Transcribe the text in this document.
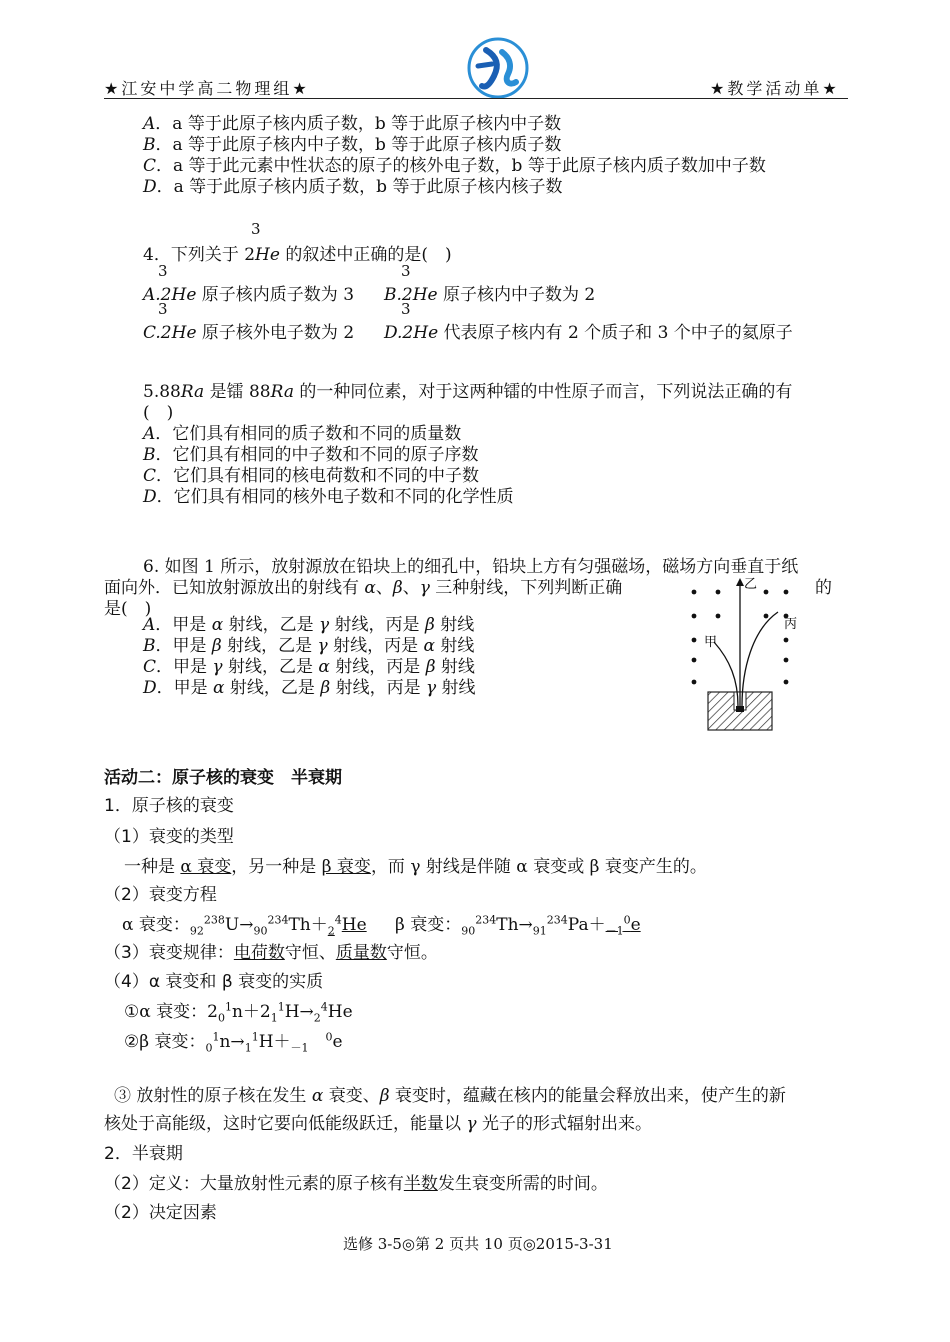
★江安中学高二物理组★	★教学活动单★
A．a 等于此原子核内质子数，b 等于此原子核内中子数
B．a 等于此原子核内中子数，b 等于此原子核内质子数
C．a 等于此元素中性状态的原子的核外电子数，b 等于此原子核内质子数加中子数
D．a 等于此原子核内质子数，b 等于此原子核内核子数
3
4．下列关于 2He 的叙述中正确的是(　)
3	3
A.2He 原子核内质子数为 3 B.2He 原子核内中子数为 2
3	3
C.2He 原子核外电子数为 2 D.2He 代表原子核内有 2 个质子和 3 个中子的氦原子
5.88Ra 是镭 88Ra 的一种同位素，对于这两种镭的中性原子而言，下列说法正确的有
(　)
A．它们具有相同的质子数和不同的质量数
B．它们具有相同的中子数和不同的原子序数
C．它们具有相同的核电荷数和不同的中子数
D．它们具有相同的核外电子数和不同的化学性质
6. 如图 1 所示，放射源放在铅块上的细孔中，铅块上方有匀强磁场，磁场方向垂直于纸
面向外．已知放射源放出的射线有 α、β、γ 三种射线，下列判断正确	的
是(　)
A．甲是 α 射线，乙是 γ 射线，丙是 β 射线
B．甲是 β 射线，乙是 γ 射线，丙是 α 射线
C．甲是 γ 射线，乙是 α 射线，丙是 β 射线
D．甲是 α 射线，乙是 β 射线，丙是 γ 射线
甲
乙
丙
活动二：原子核的衰变　半衰期
1．原子核的衰变
（1）衰变的类型
一种是 α 衰变，另一种是 β 衰变，而 γ 射线是伴随 α 衰变或 β 衰变产生的。
（2）衰变方程
α 衰变：$_{92}^{238}U\to_{90}^{234}Th+_2^4He$ β 衰变：$_{90}^{234}Th\to_{91}^{234}Pa+_{-1}^0e$
（3）衰变规律：电荷数守恒、质量数守恒。
（4）α 衰变和 β 衰变的实质
①α 衰变：$2_0^1n+2_1^1H\to_2^4He$
②β 衰变：$_0^1n\to_1^1H+_{-1}$　$^0$e
③ 放射性的原子核在发生 α 衰变、β 衰变时，蕴藏在核内的能量会释放出来，使产生的新
核处于高能级，这时它要向低能级跃迁，能量以 γ 光子的形式辐射出来。
2．半衰期
（2）定义：大量放射性元素的原子核有半数发生衰变所需的时间。
（2）决定因素
选修 3-5◎第 2 页共 10 页◎2015-3-31
